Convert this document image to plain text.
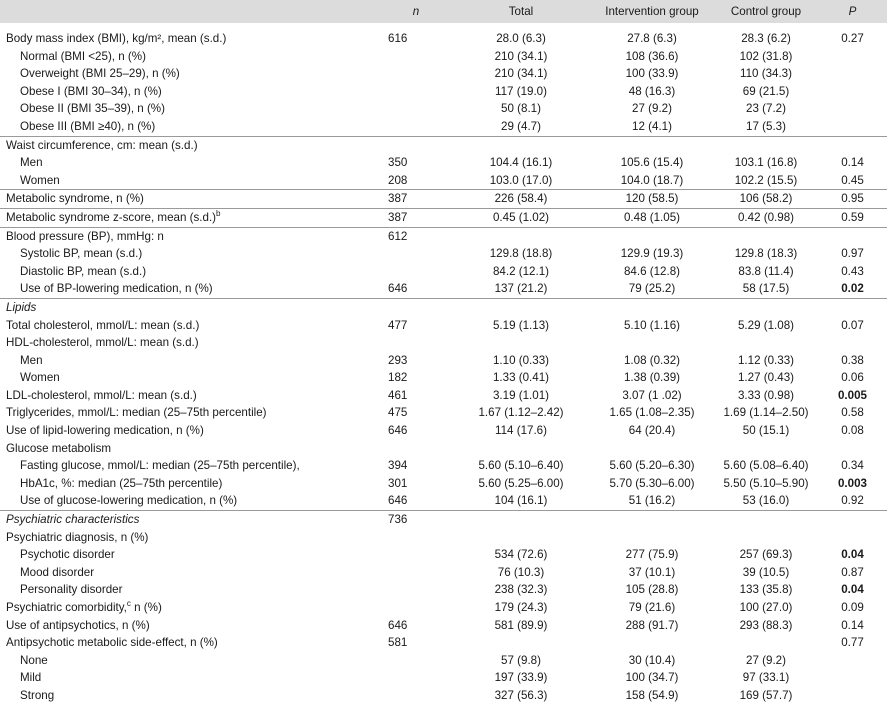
	n	Total	Intervention group	Control group	P
Body mass index (BMI), kg/m², mean (s.d.)	616	28.0 (6.3)	27.8 (6.3)	28.3 (6.2)	0.27
Normal (BMI <25), n (%)		210 (34.1)	108 (36.6)	102 (31.8)	
Overweight (BMI 25–29), n (%)		210 (34.1)	100 (33.9)	110 (34.3)	
Obese I (BMI 30–34), n (%)		117 (19.0)	48 (16.3)	69 (21.5)	
Obese II (BMI 35–39), n (%)		50 (8.1)	27 (9.2)	23 (7.2)	
Obese III (BMI ≥40), n (%)		29 (4.7)	12 (4.1)	17 (5.3)	
Waist circumference, cm: mean (s.d.)					
Men	350	104.4 (16.1)	105.6 (15.4)	103.1 (16.8)	0.14
Women	208	103.0 (17.0)	104.0 (18.7)	102.2 (15.5)	0.45
Metabolic syndrome, n (%)	387	226 (58.4)	120 (58.5)	106 (58.2)	0.95
Metabolic syndrome z-score, mean $(s.d.)^b$	387	0.45 (1.02)	0.48 (1.05)	0.42 (0.98)	0.59
Blood pressure (BP), mmHg: n	612				
Systolic BP, mean (s.d.)		129.8 (18.8)	129.9 (19.3)	129.8 (18.3)	0.97
Diastolic BP, mean (s.d.)		84.2 (12.1)	84.6 (12.8)	83.8 (11.4)	0.43
Use of BP-lowering medication, n (%)	646	137 (21.2)	79 (25.2)	58 (17.5)	0.02
Lipids					
Total cholesterol, mmol/L: mean (s.d.)	477	5.19 (1.13)	5.10 (1.16)	5.29 (1.08)	0.07
HDL-cholesterol, mmol/L: mean (s.d.)					
Men	293	1.10 (0.33)	1.08 (0.32)	1.12 (0.33)	0.38
Women	182	1.33 (0.41)	1.38 (0.39)	1.27 (0.43)	0.06
LDL-cholesterol, mmol/L: mean (s.d.)	461	3.19 (1.01)	3.07 (1 .02)	3.33 (0.98)	0.005
Triglycerides, mmol/L: median (25–75th percentile)	475	1.67 (1.12–2.42)	1.65 (1.08–2.35)	1.69 (1.14–2.50)	0.58
Use of lipid-lowering medication, n (%)	646	114 (17.6)	64 (20.4)	50 (15.1)	0.08
Glucose metabolism					
Fasting glucose, mmol/L: median (25–75th percentile),	394	5.60 (5.10–6.40)	5.60 (5.20–6.30)	5.60 (5.08–6.40)	0.34
HbA1c, %: median (25–75th percentile)	301	5.60 (5.25–6.00)	5.70 (5.30–6.00)	5.50 (5.10–5.90)	0.003
Use of glucose-lowering medication, n (%)	646	104 (16.1)	51 (16.2)	53 (16.0)	0.92
Psychiatric characteristics	736				
Psychiatric diagnosis, n (%)					
Psychotic disorder		534 (72.6)	277 (75.9)	257 (69.3)	0.04
Mood disorder		76 (10.3)	37 (10.1)	39 (10.5)	0.87
Personality disorder		238 (32.3)	105 (28.8)	133 (35.8)	0.04
Psychiatric comorbidity,$^c$ n (%)		179 (24.3)	79 (21.6)	100 (27.0)	0.09
Use of antipsychotics, n (%)	646	581 (89.9)	288 (91.7)	293 (88.3)	0.14
Antipsychotic metabolic side-effect, n (%)	581				0.77
None		57 (9.8)	30 (10.4)	27 (9.2)	
Mild		197 (33.9)	100 (34.7)	97 (33.1)	
Strong		327 (56.3)	158 (54.9)	169 (57.7)	
